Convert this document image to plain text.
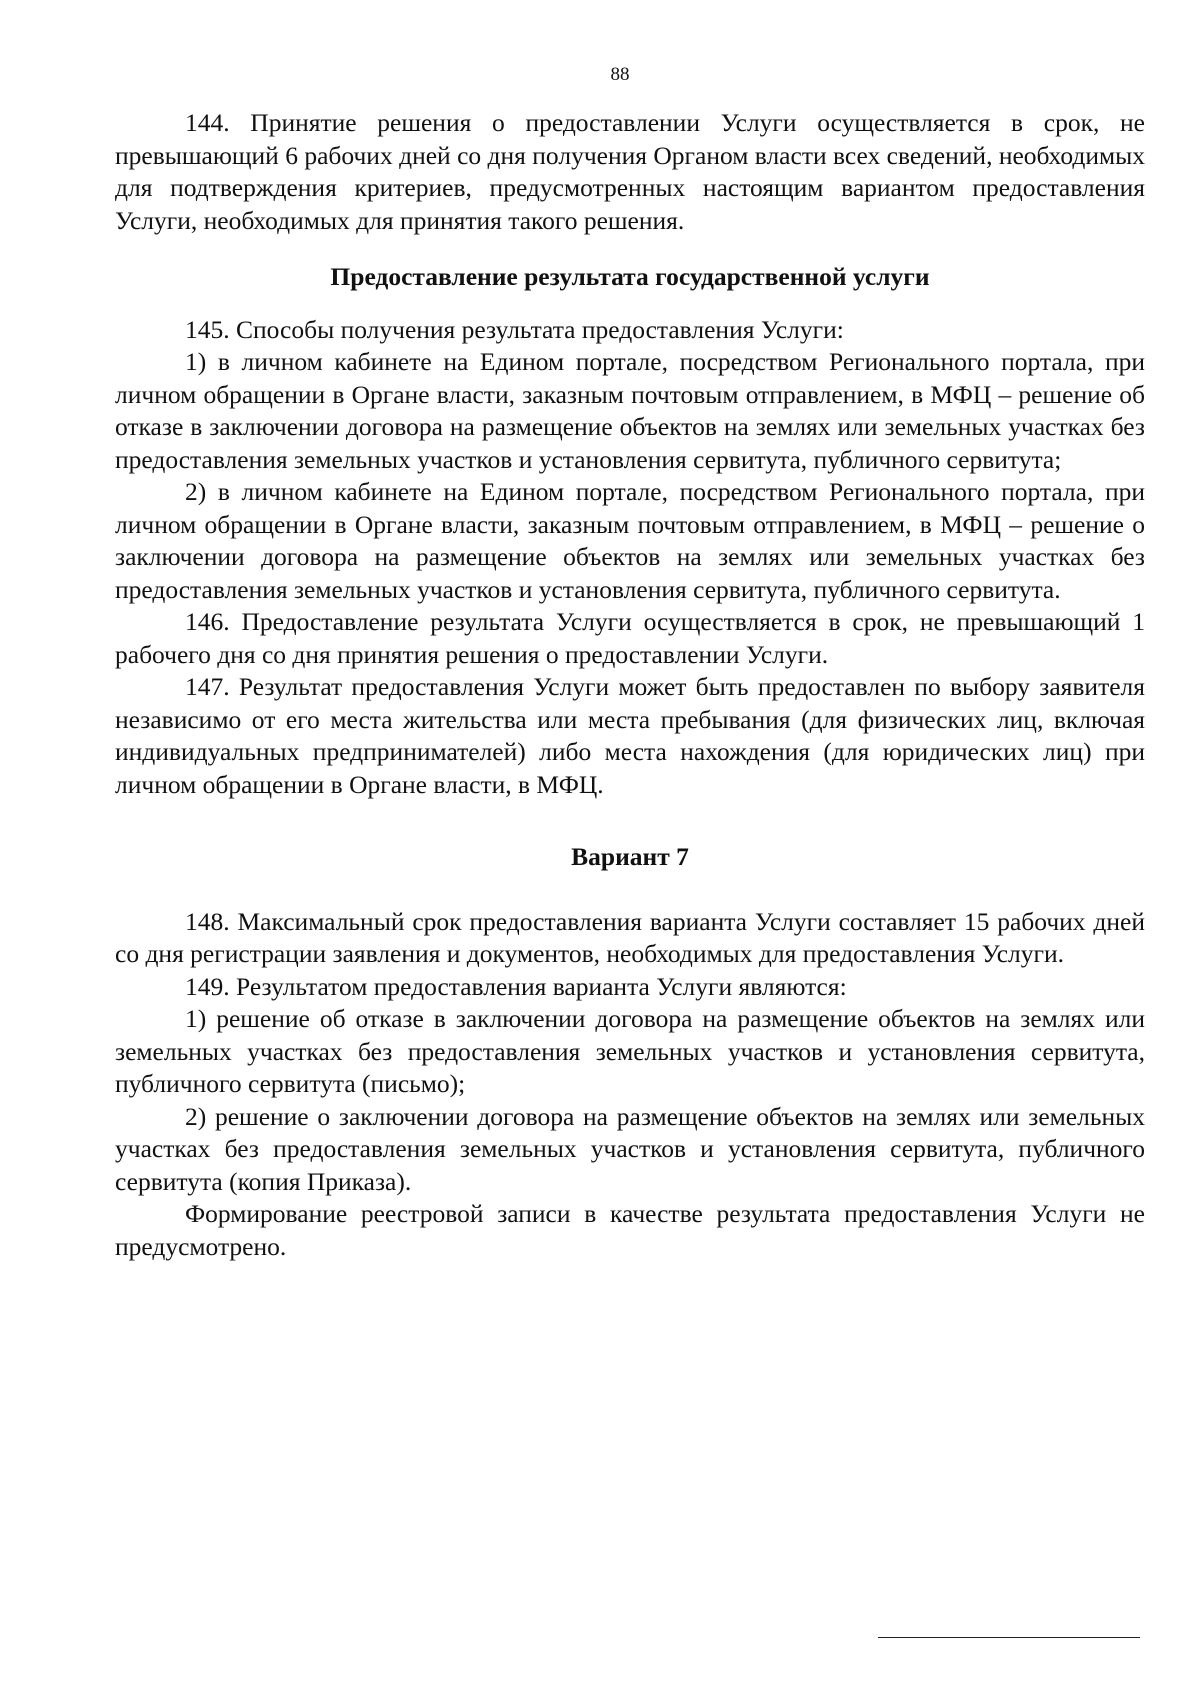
88

144. Принятие решения о предоставлении Услуги осуществляется в срок, не превышающий 6 рабочих дней со дня получения Органом власти всех сведений, необходимых для подтверждения критериев, предусмотренных настоящим вариантом предоставления Услуги, необходимых для принятия такого решения.

Предоставление результата государственной услуги

145. Способы получения результата предоставления Услуги:

1) в личном кабинете на Едином портале, посредством Регионального портала, при личном обращении в Органе власти, заказным почтовым отправлением, в МФЦ – решение об отказе в заключении договора на размещение объектов на землях или земельных участках без предоставления земельных участков и установления сервитута, публичного сервитута;

2) в личном кабинете на Едином портале, посредством Регионального портала, при личном обращении в Органе власти, заказным почтовым отправлением, в МФЦ – решение о заключении договора на размещение объектов на землях или земельных участках без предоставления земельных участков и установления сервитута, публичного сервитута.

146. Предоставление результата Услуги осуществляется в срок, не превышающий 1 рабочего дня со дня принятия решения о предоставлении Услуги.

147. Результат предоставления Услуги может быть предоставлен по выбору заявителя независимо от его места жительства или места пребывания (для физических лиц, включая индивидуальных предпринимателей) либо места нахождения (для юридических лиц) при личном обращении в Органе власти, в МФЦ.

Вариант 7

148. Максимальный срок предоставления варианта Услуги составляет 15 рабочих дней со дня регистрации заявления и документов, необходимых для предоставления Услуги.

149. Результатом предоставления варианта Услуги являются:

1) решение об отказе в заключении договора на размещение объектов на землях или земельных участках без предоставления земельных участков и установления сервитута, публичного сервитута (письмо);

2) решение о заключении договора на размещение объектов на землях или земельных участках без предоставления земельных участков и установления сервитута, публичного сервитута (копия Приказа).

Формирование реестровой записи в качестве результата предоставления Услуги не предусмотрено.
